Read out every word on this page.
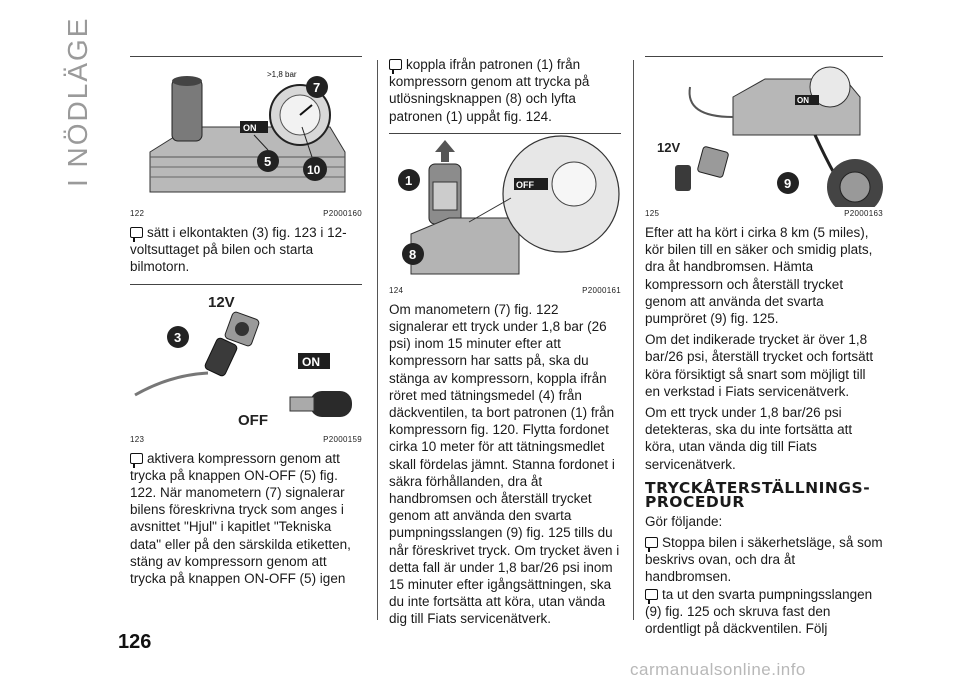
I NÖDLÄGE	ON
>1,8 bar
7
5
10
122	P2000160

sätt i elkontakten (3) fig. 123 i 12-voltsuttaget på bilen och starta bilmotorn.

12V
3
ON
OFF
123	P2000159

aktivera kompressorn genom att trycka på knappen ON-OFF (5) fig. 122. När manometern (7) signalerar bilens föreskrivna tryck som anges i avsnittet "Hjul" i kapitlet "Tekniska data" eller på den särskilda etiketten, stäng av kompressorn genom att trycka på knappen ON-OFF (5) igen

koppla ifrån patronen (1) från kompressorn genom att trycka på utlösningsknappen (8) och lyfta patronen (1) uppåt fig. 124.

OFF
1
8
124	P2000161

Om manometern (7) fig. 122 signalerar ett tryck under 1,8 bar (26 psi) inom 15 minuter efter att kompressorn har satts på, ska du stänga av kompressorn, koppla ifrån röret med tätningsmedel (4) från däckventilen, ta bort patronen (1) från kompressorn fig. 120. Flytta fordonet cirka 10 meter för att tätningsmedlet skall fördelas jämnt. Stanna fordonet i säkra förhållanden, dra åt handbromsen och återställ trycket genom att använda den svarta pumpningsslangen (9) fig. 125 tills du når föreskrivet tryck. Om trycket även i detta fall är under 1,8 bar/26 psi inom 15 minuter efter igångsättningen, ska du inte fortsätta att köra, utan vända dig till Fiats servicenätverk.

ON
12V
9
125	P2000163

Efter att ha kört i cirka 8 km (5 miles), kör bilen till en säker och smidig plats, dra åt handbromsen. Hämta kompressorn och återställ trycket genom att använda det svarta pumpröret (9) fig. 125.

Om det indikerade trycket är över 1,8 bar/26 psi, återställ trycket och fortsätt köra försiktigt så snart som möjligt till en verkstad i Fiats servicenätverk.

Om ett tryck under 1,8 bar/26 psi detekteras, ska du inte fortsätta att köra, utan vända dig till Fiats servicenätverk.

TRYCKÅTERSTÄLLNINGS-PROCEDUR

Gör följande:

Stoppa bilen i säkerhetsläge, så som beskrivs ovan, och dra åt handbromsen.

ta ut den svarta pumpningsslangen (9) fig. 125 och skruva fast den ordentligt på däckventilen. Följ

126
carmanualsonline.info
